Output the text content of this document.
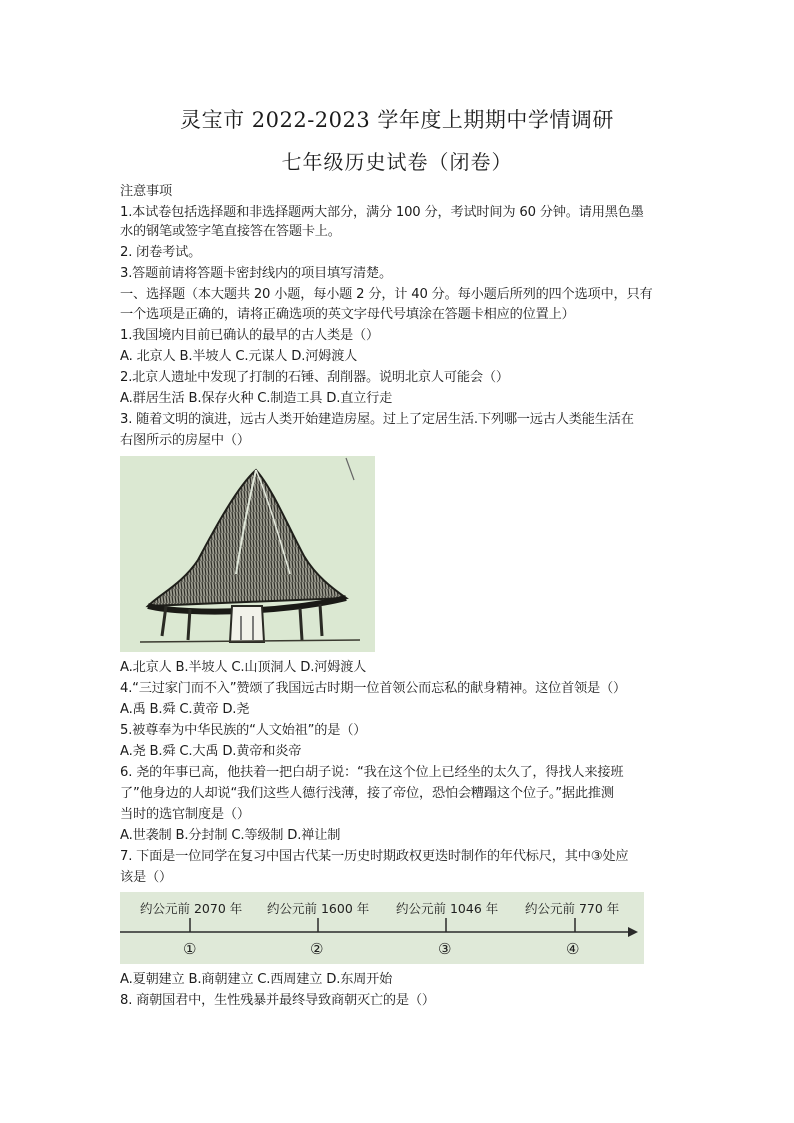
灵宝市 2022-2023 学年度上期期中学情调研
七年级历史试卷（闭卷）
注意事项
1.本试卷包括选择题和非选择题两大部分，满分 100 分，考试时间为 60 分钟。请用黑色墨
水的钢笔或签字笔直接答在答题卡上。
2. 闭卷考试。
3.答题前请将答题卡密封线内的项目填写清楚。
一、选择题（本大题共 20 小题，每小题 2 分，计 40 分。每小题后所列的四个选项中，只有
一个选项是正确的，请将正确选项的英文字母代号填涂在答题卡相应的位置上）
1.我国境内目前已确认的最早的古人类是（）
A. 北京人 B.半坡人 C.元谋人 D.河姆渡人
2.北京人遗址中发现了打制的石锤、刮削器。说明北京人可能会（）
A.群居生活 B.保存火种 C.制造工具 D.直立行走
3. 随着文明的演进，远古人类开始建造房屋。过上了定居生活.下列哪一远古人类能生活在
右图所示的房屋中（）
A.北京人 B.半坡人 C.山顶洞人 D.河姆渡人
4.“三过家门而不入”赞颂了我国远古时期一位首领公而忘私的献身精神。这位首领是（）
A.禹 B.舜 C.黄帝 D.尧
5.被尊奉为中华民族的“人文始祖”的是（）
A.尧 B.舜 C.大禹 D.黄帝和炎帝
6. 尧的年事已高，他扶着一把白胡子说：“我在这个位上已经坐的太久了，得找人来接班
了”他身边的人却说“我们这些人德行浅薄，接了帝位，恐怕会糟蹋这个位子。”据此推测
当时的选官制度是（）
A.世袭制 B.分封制 C.等级制 D.禅让制
7. 下面是一位同学在复习中国古代某一历史时期政权更迭时制作的年代标尺，其中③处应
该是（）
约公元前 2070 年 约公元前 1600 年 约公元前 1046 年 约公元前 770 年
①	②	③	④
A.夏朝建立 B.商朝建立 C.西周建立 D.东周开始
8. 商朝国君中，生性残暴并最终导致商朝灭亡的是（）
